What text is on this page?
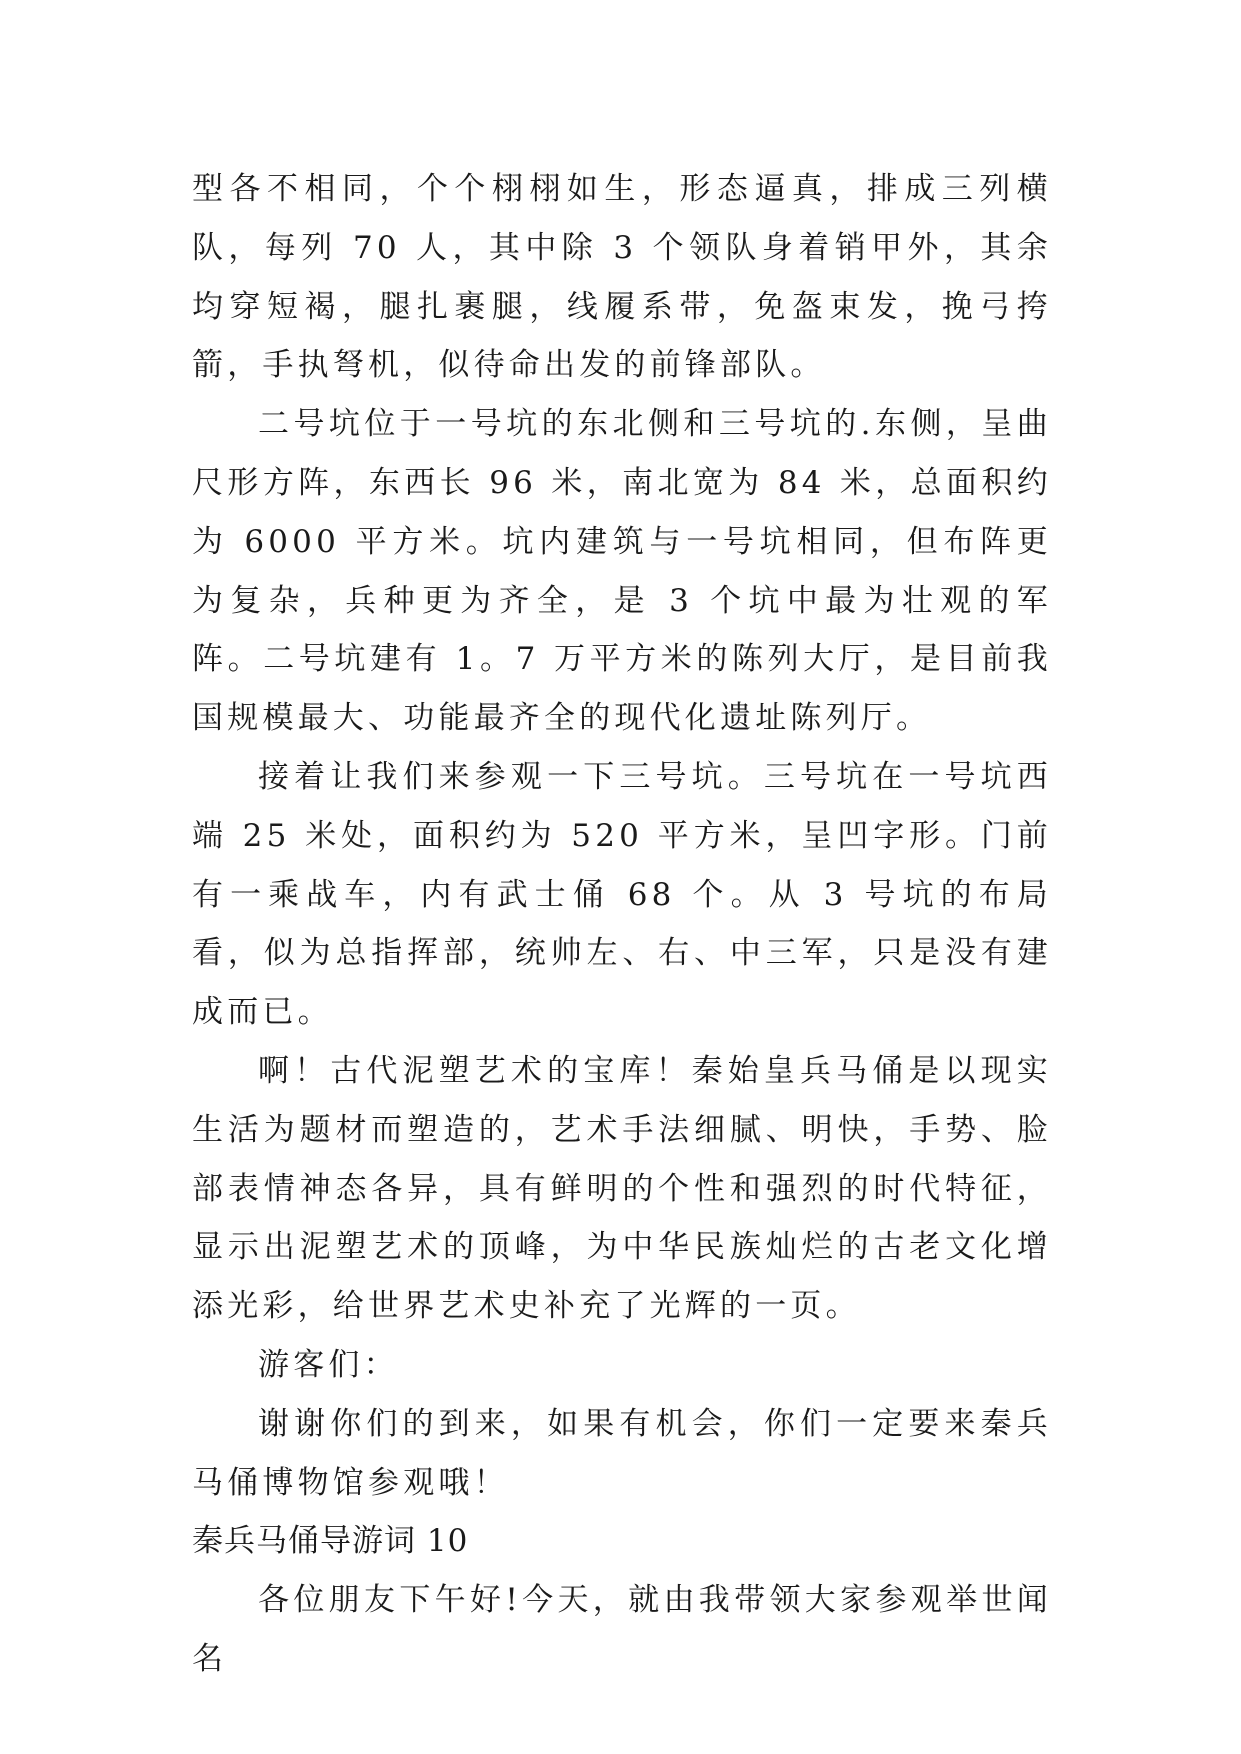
型各不相同，个个栩栩如生，形态逼真，排成三列横队，每列 70 人，其中除 3 个领队身着销甲外，其余均穿短褐，腿扎裹腿，线履系带，免盔束发，挽弓挎箭，手执弩机，似待命出发的前锋部队。

二号坑位于一号坑的东北侧和三号坑的.东侧，呈曲尺形方阵，东西长 96 米，南北宽为 84 米，总面积约为 6000 平方米。坑内建筑与一号坑相同，但布阵更为复杂，兵种更为齐全，是 3 个坑中最为壮观的军阵。二号坑建有 1。7 万平方米的陈列大厅，是目前我国规模最大、功能最齐全的现代化遗址陈列厅。

接着让我们来参观一下三号坑。三号坑在一号坑西端 25 米处，面积约为 520 平方米，呈凹字形。门前有一乘战车，内有武士俑 68 个。从 3 号坑的布局看，似为总指挥部，统帅左、右、中三军，只是没有建成而已。

啊！古代泥塑艺术的宝库！秦始皇兵马俑是以现实生活为题材而塑造的，艺术手法细腻、明快，手势、脸部表情神态各异，具有鲜明的个性和强烈的时代特征，显示出泥塑艺术的顶峰，为中华民族灿烂的古老文化增添光彩，给世界艺术史补充了光辉的一页。

游客们：

谢谢你们的到来，如果有机会，你们一定要来秦兵马俑博物馆参观哦！

秦兵马俑导游词 10

各位朋友下午好!今天，就由我带领大家参观举世闻名
